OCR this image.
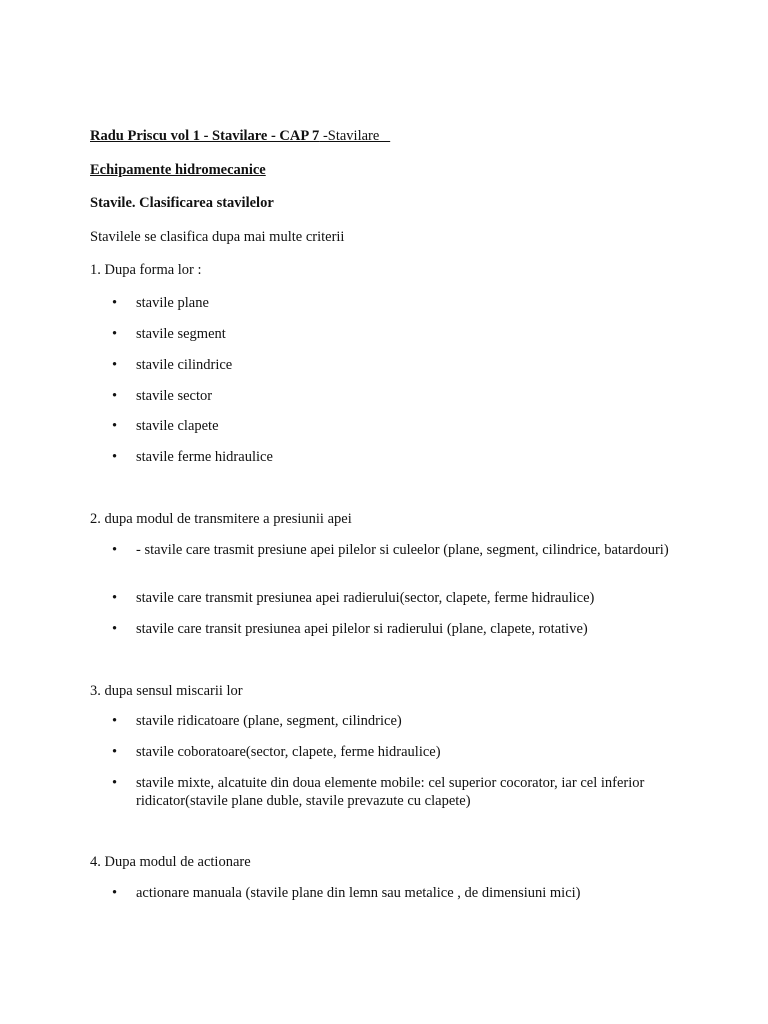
Radu Priscu vol 1 - Stavilare - CAP 7 -Stavilare
Echipamente hidromecanice
Stavile. Clasificarea stavilelor
Stavilele se clasifica dupa mai multe criterii
1. Dupa forma lor :
• stavile plane
• stavile segment
• stavile cilindrice
• stavile sector
• stavile clapete
• stavile ferme hidraulice
2. dupa modul de transmitere a presiunii apei
• - stavile care trasmit presiune apei pilelor si culeelor (plane, segment, cilindrice, batardouri)
• stavile care transmit presiunea apei radierului(sector, clapete, ferme hidraulice)
• stavile care transit presiunea apei pilelor si radierului (plane, clapete, rotative)
3. dupa sensul miscarii lor
• stavile ridicatoare (plane, segment, cilindrice)
• stavile coboratoare(sector, clapete, ferme hidraulice)
• stavile mixte, alcatuite din doua elemente mobile: cel superior cocorator, iar cel inferior ridicator(stavile plane duble, stavile prevazute cu clapete)
4. Dupa modul de actionare
• actionare manuala (stavile plane din lemn sau metalice , de dimensiuni mici)
